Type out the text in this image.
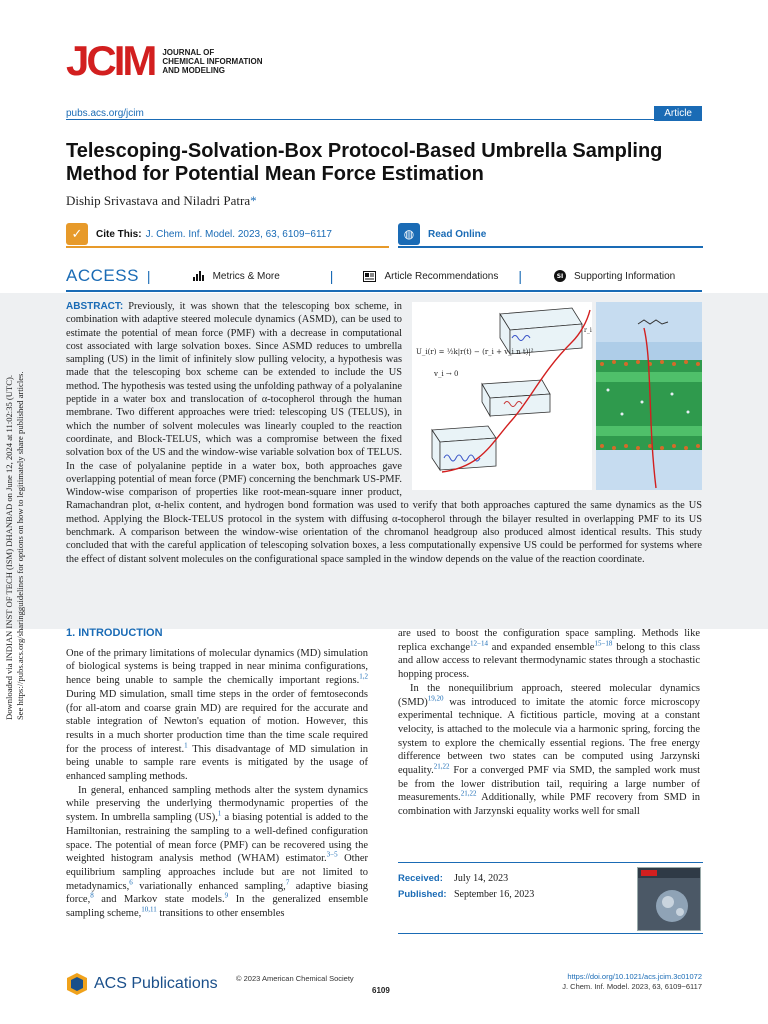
JCIM JOURNAL OF
CHEMICAL INFORMATION
AND MODELING
pubs.acs.org/jcim	Article
Telescoping-Solvation-Box Protocol-Based Umbrella Sampling Method for Potential Mean Force Estimation
Diship Srivastava and Niladri Patra*
✓	Cite This: J. Chem. Inf. Model. 2023, 63, 6109−6117	◍	Read Online
ACCESS |	Metrics & More	|	Article Recommendations |	SI Supporting Information
U_i(r) = ½k|r(t) − (r_i + v_i n t)|²
v_i → 0
r_i
ABSTRACT: Previously, it was shown that the telescoping box scheme, in combination with adaptive steered molecule dynamics (ASMD), can be used to estimate the potential of mean force (PMF) with a decrease in computational cost associated with large solvation boxes. Since ASMD reduces to umbrella sampling (US) in the limit of infinitely slow pulling velocity, a hypothesis was made that the telescoping box scheme can be extended to include the US method. The hypothesis was tested using the unfolding pathway of a polyalanine peptide in a water box and translocation of α-tocopherol through the human membrane. Two different approaches were tried: telescoping US (TELUS), in which the number of solvent molecules was linearly coupled to the reaction coordinate, and Block-TELUS, which was a compromise between the fixed solvation box of the US and the window-wise variable solvation box of TELUS. In the case of polyalanine peptide in a water box, both approaches gave overlapping potential of mean force (PMF) concerning the benchmark US-PMF. Window-wise comparison of properties like root-mean-square inner product, Ramachandran plot, α-helix content, and hydrogen bond formation was used to verify that both approaches captured the same dynamics as the US method. Applying the Block-TELUS protocol in the system with diffusing α-tocopherol through the bilayer resulted in overlapping PMF to its US benchmark. A comparison between the window-wise orientation of the chromanol headgroup also produced almost identical results. This study concluded that with the careful application of telescoping solvation boxes, a less computationally expensive US could be performed for systems where the effect of distant solvent molecules on the configurational space sampled in the window depends on the value of the reaction coordinate.
Downloaded via INDIAN INST OF TECH (ISM) DHANBAD on June 12, 2024 at 11:02:35 (UTC). See https://pubs.acs.org/sharingguidelines for options on how to legitimately share published articles.	1. INTRODUCTION

One of the primary limitations of molecular dynamics (MD) simulation of biological systems is being trapped in near minima configurations, hence being unable to sample the chemically important regions.$^{1,2}$ During MD simulation, small time steps in the order of femtoseconds (for all-atom and coarse grain MD) are required for the accurate and stable integration of Newton's equation of motion. However, this results in a much shorter production time than the time scale required for the process of interest.$^1$ This disadvantage of MD simulation in being unable to sample rare events is mitigated by the usage of enhanced sampling methods.

In general, enhanced sampling methods alter the system dynamics while preserving the underlying thermodynamic properties of the system. In umbrella sampling (US),$^1$ a biasing potential is added to the Hamiltonian, restraining the sampling to a well-defined configuration space. The potential of mean force (PMF) can be recovered using the weighted histogram analysis method (WHAM) estimator.$^{3-5}$ Other equilibrium sampling approaches include but are not limited to metadynamics,$^6$ variationally enhanced sampling,$^7$ adaptive biasing force,$^8$ and Markov state models.$^9$ In the generalized ensemble sampling scheme,$^{10,11}$ transitions to other ensembles

are used to boost the configuration space sampling. Methods like replica exchange$^{12-14}$ and expanded ensemble$^{15-18}$ belong to this class and allow access to relevant thermodynamic states through a stochastic hopping process.

In the nonequilibrium approach, steered molecular dynamics (SMD)$^{19,20}$ was introduced to imitate the atomic force microscopy experimental technique. A fictitious particle, moving at a constant velocity, is attached to the molecule via a harmonic spring, forcing the system to explore the chemically essential regions. The free energy difference between two states can be computed using Jarzynski equality.$^{21,22}$ For a converged PMF via SMD, the sampled work must be from the lower distribution tail, requiring a large number of measurements.$^{21,22}$ Additionally, while PMF recovery from SMD in combination with Jarzynski equality works well for small

Received: July 14, 2023
Published: September 16, 2023
ACS Publications © 2023 American Chemical Society
6109
https://doi.org/10.1021/acs.jcim.3c01072
J. Chem. Inf. Model. 2023, 63, 6109−6117
